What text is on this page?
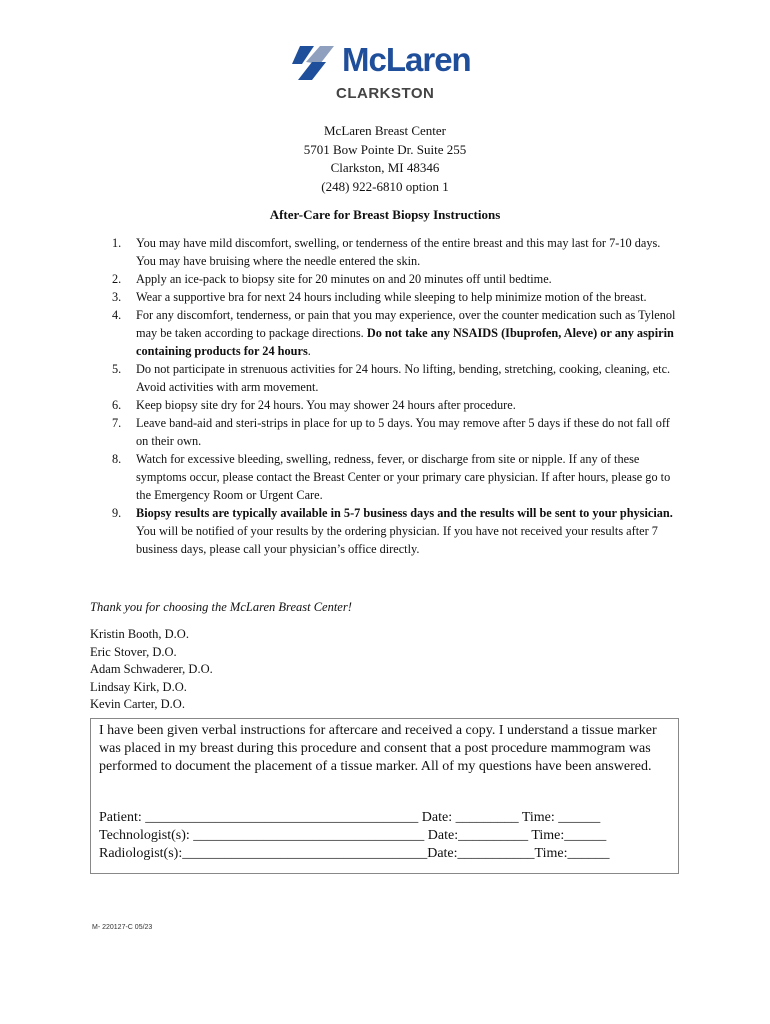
McLaren
CLARKSTON
McLaren Breast Center
5701 Bow Pointe Dr. Suite 255
Clarkston, MI 48346
(248) 922-6810 option 1
After-Care for Breast Biopsy Instructions
1. You may have mild discomfort, swelling, or tenderness of the entire breast and this may last for 7-10 days. You may have bruising where the needle entered the skin.
2. Apply an ice-pack to biopsy site for 20 minutes on and 20 minutes off until bedtime.
3. Wear a supportive bra for next 24 hours including while sleeping to help minimize motion of the breast.
4. For any discomfort, tenderness, or pain that you may experience, over the counter medication such as Tylenol may be taken according to package directions. Do not take any NSAIDS (Ibuprofen, Aleve) or any aspirin containing products for 24 hours.
5. Do not participate in strenuous activities for 24 hours. No lifting, bending, stretching, cooking, cleaning, etc. Avoid activities with arm movement.
6. Keep biopsy site dry for 24 hours. You may shower 24 hours after procedure.
7. Leave band-aid and steri-strips in place for up to 5 days. You may remove after 5 days if these do not fall off on their own.
8. Watch for excessive bleeding, swelling, redness, fever, or discharge from site or nipple. If any of these symptoms occur, please contact the Breast Center or your primary care physician. If after hours, please go to the Emergency Room or Urgent Care.
9. Biopsy results are typically available in 5-7 business days and the results will be sent to your physician. You will be notified of your results by the ordering physician. If you have not received your results after 7 business days, please call your physician’s office directly.
Thank you for choosing the McLaren Breast Center!
Kristin Booth, D.O.
Eric Stover, D.O.
Adam Schwaderer, D.O.
Lindsay Kirk, D.O.
Kevin Carter, D.O.
I have been given verbal instructions for aftercare and received a copy. I understand a tissue marker was placed in my breast during this procedure and consent that a post procedure mammogram was performed to document the placement of a tissue marker. All of my questions have been answered.
Patient: _______________________________________ Date: _________ Time: ______
Technologist(s): _________________________________ Date:__________ Time:______
Radiologist(s):___________________________________Date:___________Time:______
M- 220127-C 05/23
